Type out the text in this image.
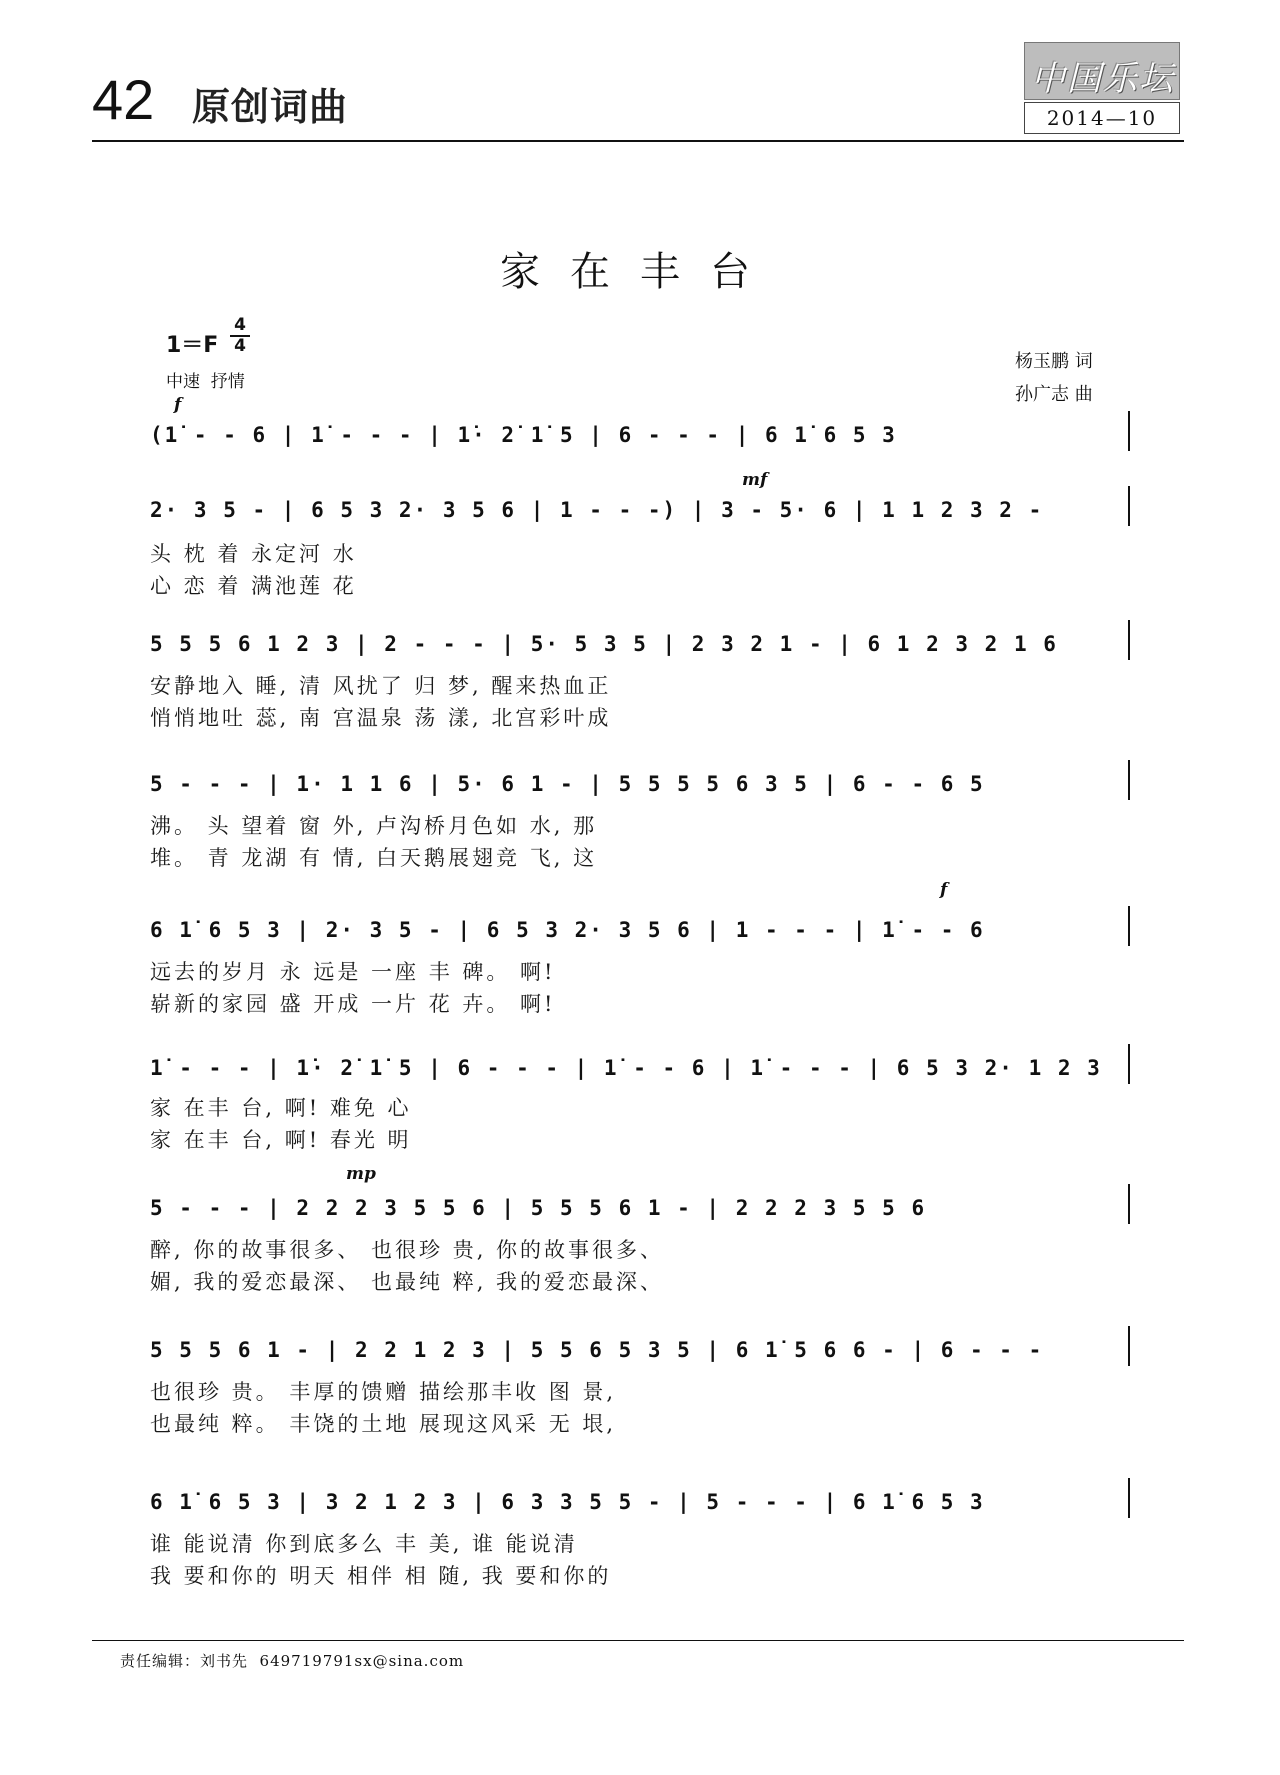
42 原创词曲
中国乐坛
2014—10
家在丰台
1＝F
4
4
中速  抒情
杨玉鹏 词
孙广志 曲
f
(1̇ - - 6 | 1̇ - - - | 1̇· 2̇ 1̇ 5 | 6 - - - | 6 1̇ 6 5 3
mf
2· 3 5 - | 6 5 3 2· 3 5 6 | 1 - - -) | 3 - 5· 6 | 1 1 2 3 2 -
头 枕 着 永定河 水
心 恋 着 满池莲 花
5 5 5 6 1 2 3 | 2 - - - | 5· 5 3 5 | 2 3 2 1 - | 6 1 2 3 2 1 6
安静地入 睡, 清 风扰了 归 梦, 醒来热血正
悄悄地吐 蕊, 南 宫温泉 荡 漾, 北宫彩叶成
5 - - - | 1· 1 1 6 | 5· 6 1 - | 5 5 5 5 6 3 5 | 6 - - 6 5
沸。 头 望着 窗 外, 卢沟桥月色如 水, 那
堆。 青 龙湖 有 情, 白天鹅展翅竞 飞, 这
f
6 1̇ 6 5 3 | 2· 3 5 - | 6 5 3 2· 3 5 6 | 1 - - - | 1̇ - - 6
远去的岁月 永 远是 一座 丰 碑。 啊!
崭新的家园 盛 开成 一片 花 卉。 啊!
1̇ - - - | 1̇· 2̇ 1̇ 5 | 6 - - - | 1̇ - - 6 | 1̇ - - - | 6 5 3 2· 1 2 3
家 在丰 台, 啊! 难免 心
家 在丰 台, 啊! 春光 明
mp
5 - - - | 2 2 2 3 5 5 6 | 5 5 5 6 1 - | 2 2 2 3 5 5 6
醉, 你的故事很多、 也很珍 贵, 你的故事很多、
媚, 我的爱恋最深、 也最纯 粹, 我的爱恋最深、
5 5 5 6 1 - | 2 2 1 2 3 | 5 5 6 5 3 5 | 6 1̇ 5 6 6 - | 6 - - -
也很珍 贵。 丰厚的馈赠 描绘那丰收 图 景,
也最纯 粹。 丰饶的土地 展现这风采 无 垠,
6 1̇ 6 5 3 | 3 2 1 2 3 | 6 3 3 5 5 - | 5 - - - | 6 1̇ 6 5 3
谁 能说清 你到底多么 丰 美, 谁 能说清
我 要和你的 明天 相伴 相 随, 我 要和你的
责任编辑：刘书先  649719791sx@sina.com
